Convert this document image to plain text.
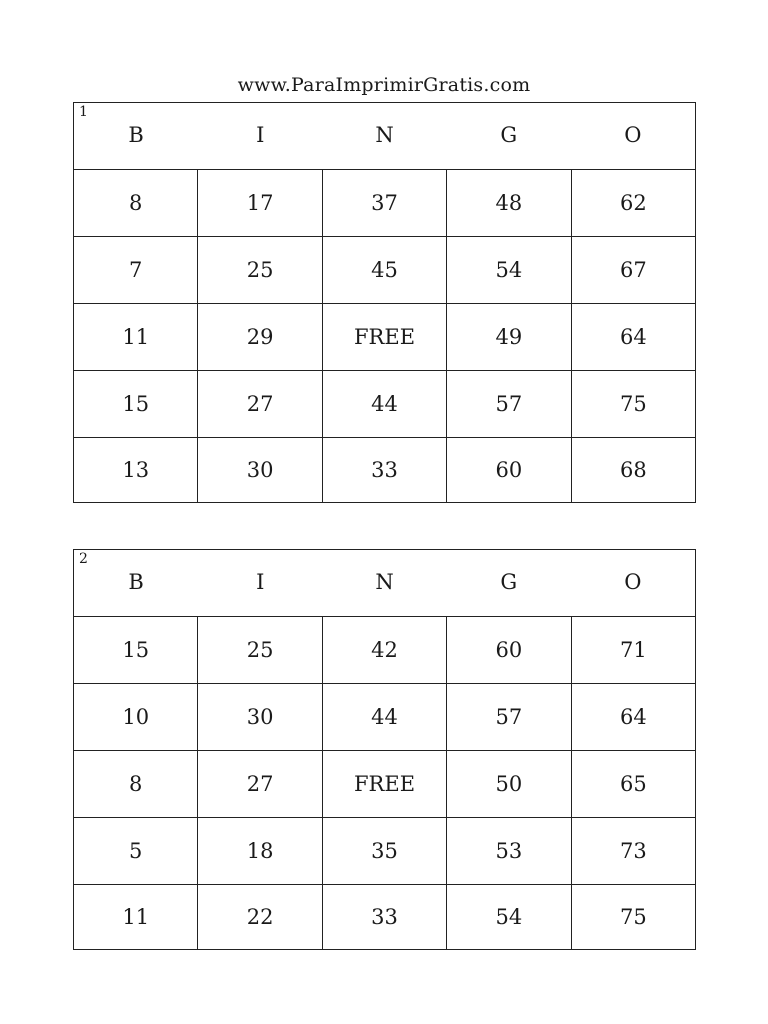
www.ParaImprimirGratis.com
1
B	I	N	G	O
8	17	37	48	62
7	25	45	54	67
11	29	FREE	49	64
15	27	44	57	75
13	30	33	60	68
2
B	I	N	G	O
15	25	42	60	71
10	30	44	57	64
8	27	FREE	50	65
5	18	35	53	73
11	22	33	54	75
